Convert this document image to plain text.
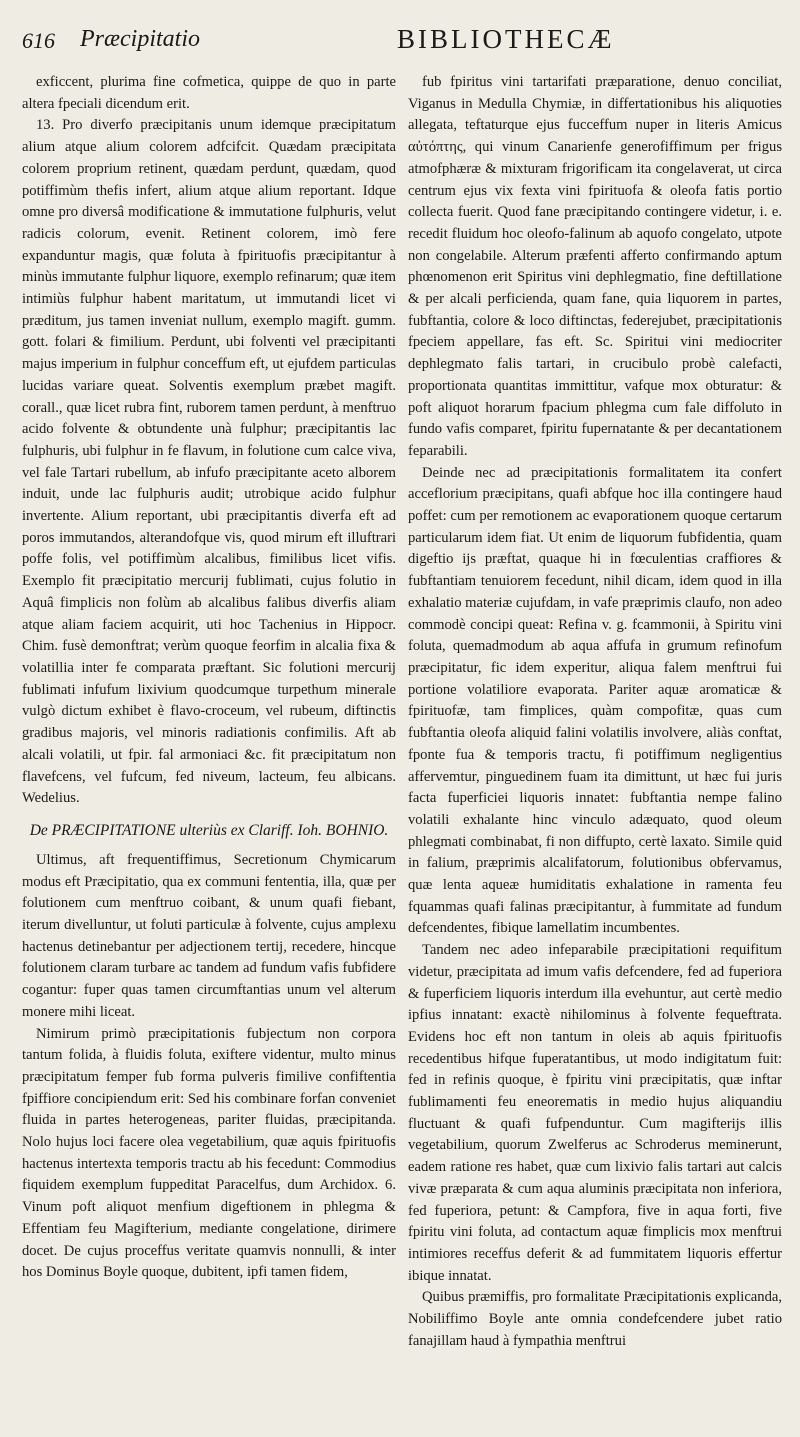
616 Præcipitatio	BIBLIOTHECÆ

exficcent, plurima fine cofmetica, quippe de quo in parte altera fpeciali dicendum erit.

13. Pro diverfo præcipitanis unum idemque præcipitatum alium atque alium colorem adfcifcit. Quædam præcipitata colorem proprium retinent, quædam perdunt, quædam, quod potiffimùm thefis infert, alium atque alium reportant. Idque omne pro diversâ modificatione & immutatione fulphuris, velut radicis colorum, evenit. Retinent colorem, imò fere expanduntur magis, quæ foluta à fpirituofis præcipitantur à minùs immutante fulphur liquore, exemplo refinarum; quæ item intimiùs fulphur habent maritatum, ut immutandi licet vi præditum, jus tamen inveniat nullum, exemplo magift. gumm. gott. folari & fimilium. Perdunt, ubi folventi vel præcipitanti majus imperium in fulphur conceffum eft, ut ejufdem particulas lucidas variare queat. Solventis exemplum præbet magift. corall., quæ licet rubra fint, ruborem tamen perdunt, à menftruo acido folvente & obtundente unà fulphur; præcipitantis lac fulphuris, ubi fulphur in fe flavum, in folutione cum calce viva, vel fale Tartari rubellum, ab infufo præcipitante aceto alborem induit, unde lac fulphuris audit; utrobique acido fulphur invertente. Alium reportant, ubi præcipitantis diverfa eft ad poros immutandos, alterandofque vis, quod mirum eft illuftrari poffe folis, vel potiffimùm alcalibus, fimilibus licet vifis. Exemplo fit præcipitatio mercurij fublimati, cujus folutio in Aquâ fimplicis non folùm ab alcalibus falibus diverfis aliam atque aliam faciem acquirit, uti hoc Tachenius in Hippocr. Chim. fusè demonftrat; verùm quoque feorfim in alcalia fixa & volatillia inter fe comparata præftant. Sic folutioni mercurij fublimati infufum lixivium quodcumque turpethum minerale vulgò dictum exhibet è flavo-croceum, vel rubeum, diftinctis gradibus majoris, vel minoris radiationis confimilis. Aft ab alcali volatili, ut fpir. fal armoniaci &c. fit præcipitatum non flavefcens, vel fufcum, fed niveum, lacteum, feu albicans. Wedelius.

De PRÆCIPITATIONE ulteriùs ex Clariff. Ioh. BOHNIO.

Ultimus, aft frequentiffimus, Secretionum Chymicarum modus eft Præcipitatio, qua ex communi fententia, illa, quæ per folutionem cum menftruo coibant, & unum quafi fiebant, iterum divelluntur, ut foluti particulæ à folvente, cujus amplexu hactenus detinebantur per adjectionem tertij, recedere, hincque folutionem claram turbare ac tandem ad fundum vafis fubfidere cogantur: fuper quas tamen circumftantias unum vel alterum monere mihi liceat.

Nimirum primò præcipitationis fubjectum non corpora tantum folida, à fluidis foluta, exiftere videntur, multo minus præcipitatum femper fub forma pulveris fimilive confiftentia fpiffiore concipiendum erit: Sed his combinare forfan conveniet fluida in partes heterogeneas, pariter fluidas, præcipitanda. Nolo hujus loci facere olea vegetabilium, quæ aquis fpirituofis hactenus intertexta temporis tractu ab his fecedunt: Commodius fiquidem exemplum fuppeditat Paracelfus, dum Archidox. 6. Vinum poft aliquot menfium digeftionem in phlegma & Effentiam feu Magifterium, mediante congelatione, dirimere docet. De cujus proceffus veritate quamvis nonnulli, & inter hos Dominus Boyle quoque, dubitent, ipfi tamen fidem,

fub fpiritus vini tartarifati præparatione, denuo conciliat, Viganus in Medulla Chymiæ, in differtationibus his aliquoties allegata, teftaturque ejus fucceffum nuper in literis Amicus αὐτόπτης, qui vinum Canarienfe generofiffimum per frigus atmofphæræ & mixturam frigorificam ita congelaverat, ut circa centrum ejus vix fexta vini fpirituofa & oleofa fatis portio collecta fuerit. Quod fane præcipitando contingere videtur, i. e. recedit fluidum hoc oleofo-falinum ab aquofo congelato, utpote non congelabile. Alterum præfenti afferto confirmando aptum phœnomenon erit Spiritus vini dephlegmatio, fine deftillatione & per alcali perficienda, quam fane, quia liquorem in partes, fubftantia, colore & loco diftinctas, federejubet, præcipitationis fpeciem appellare, fas eft. Sc. Spiritui vini mediocriter dephlegmato falis tartari, in crucibulo probè calefacti, proportionata quantitas immittitur, vafque mox obturatur: & poft aliquot horarum fpacium phlegma cum fale diffoluto in fundo vafis comparet, fpiritu fupernatante & per decantationem feparabili.

Deinde nec ad præcipitationis formalitatem ita confert acceflorium præcipitans, quafi abfque hoc illa contingere haud poffet: cum per remotionem ac evaporationem quoque certarum particularum idem fiat. Ut enim de liquorum fubfidentia, quam digeftio ijs præftat, quaque hi in fœculentias craffiores & fubftantiam tenuiorem fecedunt, nihil dicam, idem quod in illa exhalatio materiæ cujufdam, in vafe præprimis claufo, non adeo commodè concipi queat: Refina v. g. fcammonii, à Spiritu vini foluta, quemadmodum ab aqua affufa in grumum refinofum præcipitatur, fic idem experitur, aliqua falem menftrui fui portione volatiliore evaporata. Pariter aquæ aromaticæ & fpirituofæ, tam fimplices, quàm compofitæ, quas cum fubftantia oleofa aliquid falini volatilis involvere, aliàs conftat, fponte fua & temporis tractu, fi potiffimum negligentius affervemtur, pinguedinem fuam ita dimittunt, ut hæc fui juris facta fuperficiei liquoris innatet: fubftantia nempe falino volatili exhalante hinc vinculo adæquato, quod oleum phlegmati combinabat, fi non diffupto, certè laxato. Simile quid in falium, præprimis alcalifatorum, folutionibus obfervamus, quæ lenta aqueæ humiditatis exhalatione in ramenta feu fquammas quafi falinas præcipitantur, à fummitate ad fundum defcendentes, fibique lamellatim incumbentes.

Tandem nec adeo infeparabile præcipitationi requifitum videtur, præcipitata ad imum vafis defcendere, fed ad fuperiora & fuperficiem liquoris interdum illa evehuntur, aut certè medio ipfius innatant: exactè nihilominus à folvente fequeftrata. Evidens hoc eft non tantum in oleis ab aquis fpirituofis recedentibus hifque fuperatantibus, ut modo indigitatum fuit: fed in refinis quoque, è fpiritu vini præcipitatis, quæ inftar fublimamenti feu eneorematis in medio hujus aliquandiu fluctuant & quafi fufpenduntur. Cum magifterijs illis vegetabilium, quorum Zwelferus ac Schroderus meminerunt, eadem ratione res habet, quæ cum lixivio falis tartari aut calcis vivæ præparata & cum aqua aluminis præcipitata non inferiora, fed fuperiora, petunt: & Campfora, five in aqua forti, five fpiritu vini foluta, ad contactum aquæ fimplicis mox menftrui intimiores receffus deferit & ad fummitatem liquoris effertur ibique innatat.

Quibus præmiffis, pro formalitate Præcipitationis explicanda, Nobiliffimo Boyle ante omnia condefcendere jubet ratio fanajillam haud à fympathia menftrui
